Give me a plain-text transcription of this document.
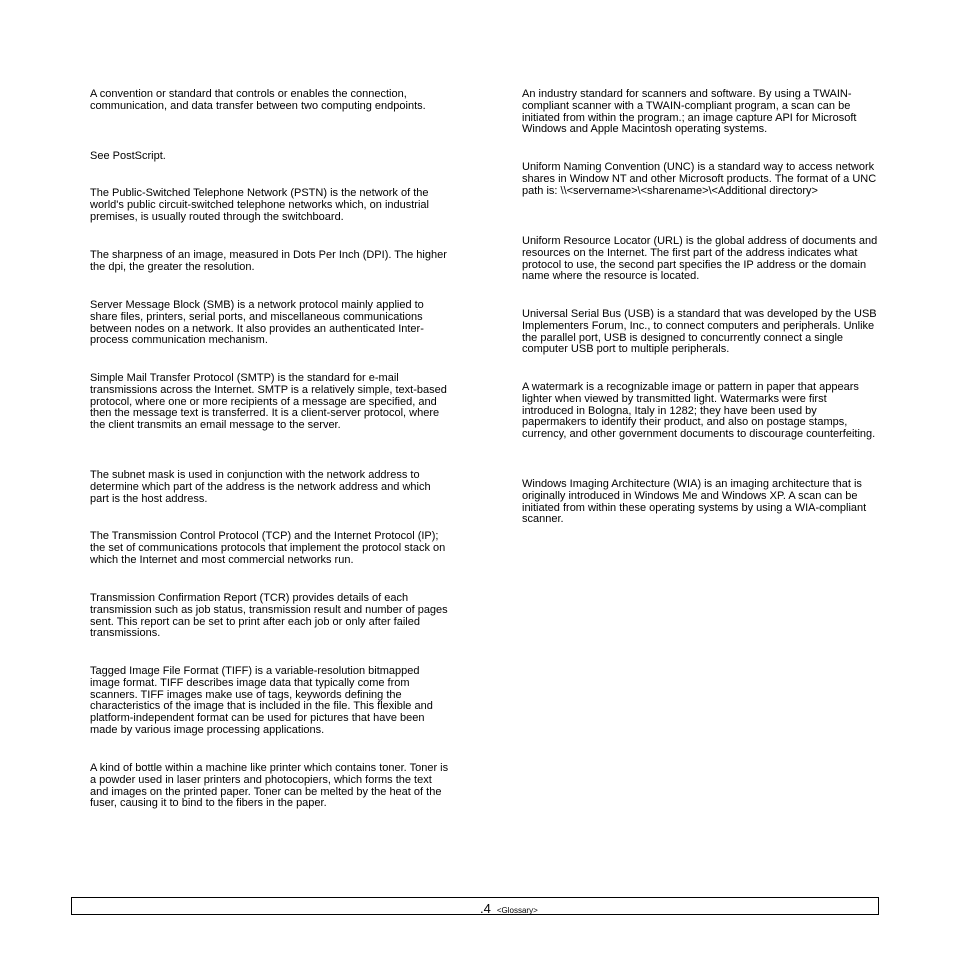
A convention or standard that controls or enables the connection, communication, and data transfer between two computing endpoints.

See PostScript.

The Public-Switched Telephone Network (PSTN) is the network of the world's public circuit-switched telephone networks which, on industrial premises, is usually routed through the switchboard.

The sharpness of an image, measured in Dots Per Inch (DPI). The higher the dpi, the greater the resolution.

Server Message Block (SMB) is a network protocol mainly applied to share files, printers, serial ports, and miscellaneous communications between nodes on a network. It also provides an authenticated Inter-process communication mechanism.

Simple Mail Transfer Protocol (SMTP) is the standard for e-mail transmissions across the Internet. SMTP is a relatively simple, text-based protocol, where one or more recipients of a message are specified, and then the message text is transferred. It is a client-server protocol, where the client transmits an email message to the server.

The subnet mask is used in conjunction with the network address to determine which part of the address is the network address and which part is the host address.

The Transmission Control Protocol (TCP) and the Internet Protocol (IP); the set of communications protocols that implement the protocol stack on which the Internet and most commercial networks run.

Transmission Confirmation Report (TCR) provides details of each transmission such as job status, transmission result and number of pages sent. This report can be set to print after each job or only after failed transmissions.

Tagged Image File Format (TIFF) is a variable-resolution bitmapped image format. TIFF describes image data that typically come from scanners. TIFF images make use of tags, keywords defining the characteristics of the image that is included in the file. This flexible and platform-independent format can be used for pictures that have been made by various image processing applications.

A kind of bottle within a machine like printer which contains toner. Toner is a powder used in laser printers and photocopiers, which forms the text and images on the printed paper. Toner can be melted by the heat of the fuser, causing it to bind to the fibers in the paper.

An industry standard for scanners and software. By using a TWAIN-compliant scanner with a TWAIN-compliant program, a scan can be initiated from within the program.; an image capture API for Microsoft Windows and Apple Macintosh operating systems.

Uniform Naming Convention (UNC) is a standard way to access network shares in Window NT and other Microsoft products. The format of a UNC path is: \\<servername>\<sharename>\<Additional directory>

Uniform Resource Locator (URL) is the global address of documents and resources on the Internet. The first part of the address indicates what protocol to use, the second part specifies the IP address or the domain name where the resource is located.

Universal Serial Bus (USB) is a standard that was developed by the USB Implementers Forum, Inc., to connect computers and peripherals. Unlike the parallel port, USB is designed to concurrently connect a single computer USB port to multiple peripherals.

A watermark is a recognizable image or pattern in paper that appears lighter when viewed by transmitted light. Watermarks were first introduced in Bologna, Italy in 1282; they have been used by papermakers to identify their product, and also on postage stamps, currency, and other government documents to discourage counterfeiting.

Windows Imaging Architecture (WIA) is an imaging architecture that is originally introduced in Windows Me and Windows XP. A scan can be initiated from within these operating systems by using a WIA-compliant scanner.

.4 <Glossary>
